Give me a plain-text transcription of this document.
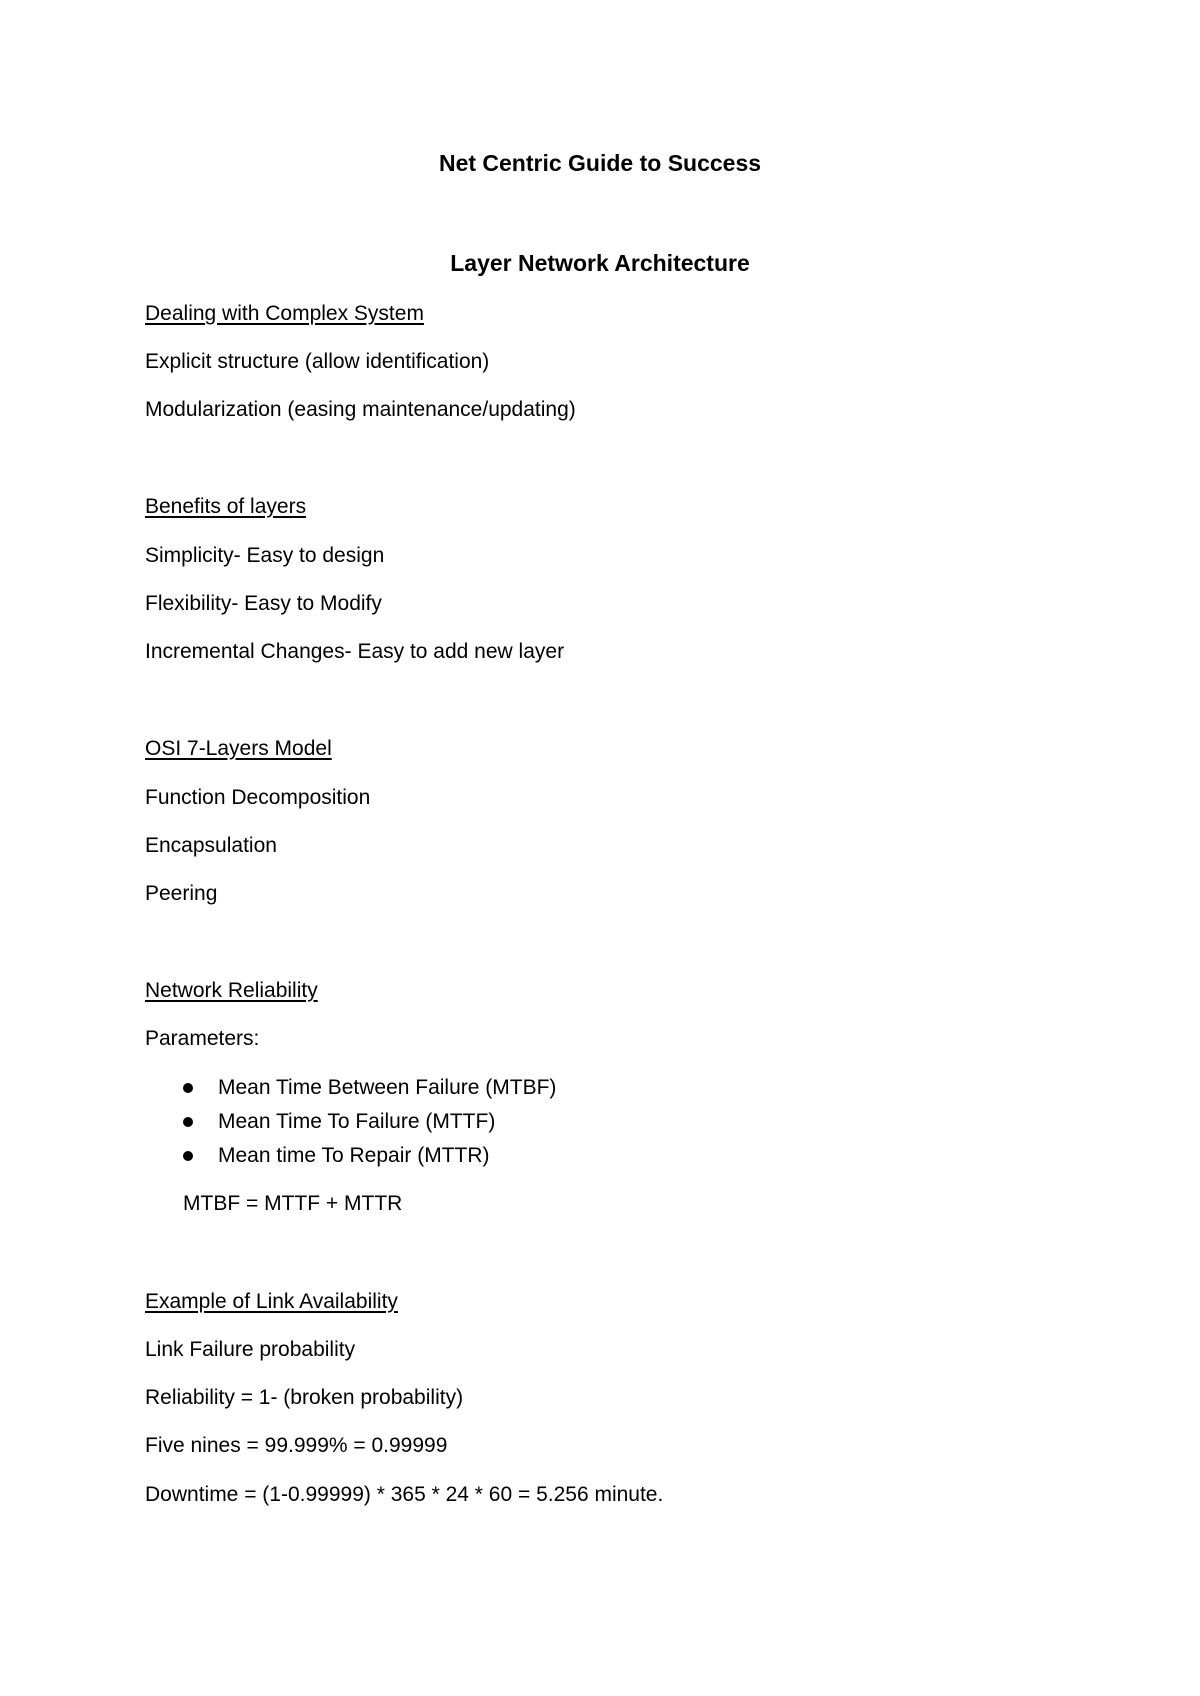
Net Centric Guide to Success
Layer Network Architecture
Dealing with Complex System
Explicit structure (allow identification)
Modularization (easing maintenance/updating)
Benefits of layers
Simplicity- Easy to design
Flexibility- Easy to Modify
Incremental Changes- Easy to add new layer
OSI 7-Layers Model
Function Decomposition
Encapsulation
Peering
Network Reliability
Parameters:
Mean Time Between Failure (MTBF)
Mean Time To Failure (MTTF)
Mean time To Repair (MTTR)
MTBF = MTTF + MTTR
Example of Link Availability
Link Failure probability
Reliability = 1- (broken probability)
Five nines = 99.999% = 0.99999
Downtime = (1-0.99999) * 365 * 24 * 60 = 5.256 minute.
